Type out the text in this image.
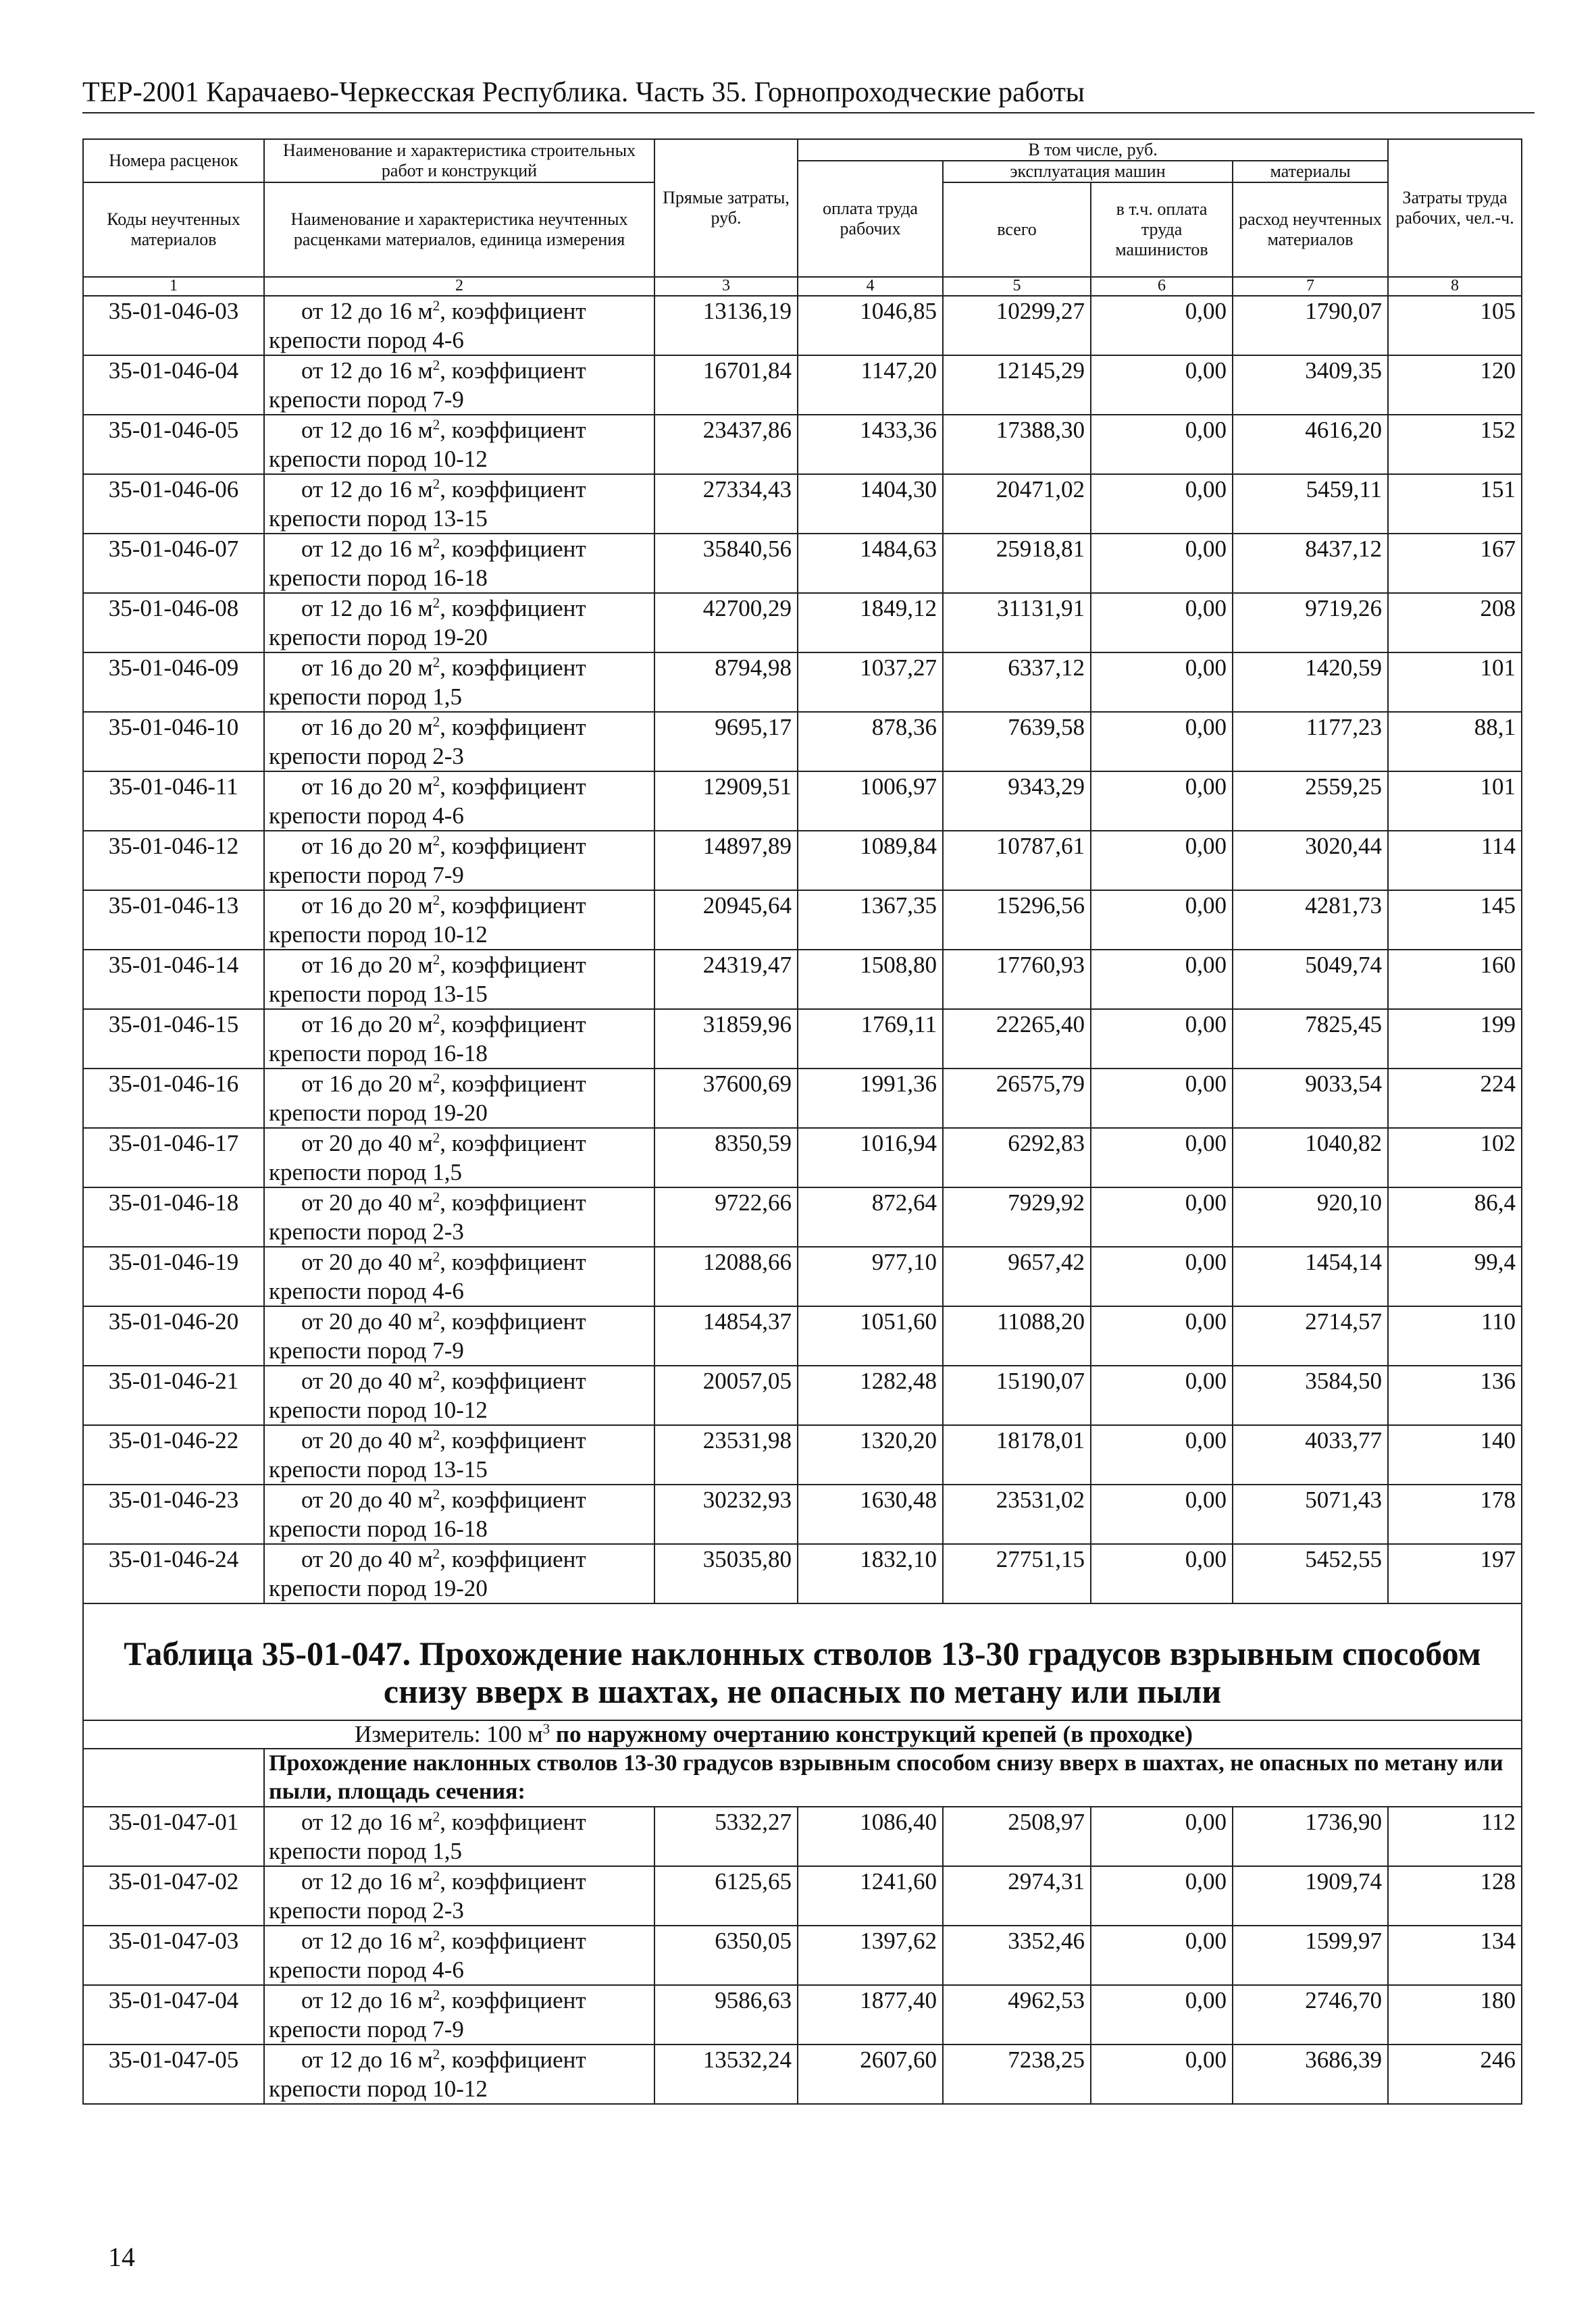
ТЕР-2001 Карачаево-Черкесская Республика. Часть 35. Горнопроходческие работы
Номера расценок	Наименование и характеристика строительных работ и конструкций	Прямые затраты, руб.	В том числе, руб.				Затраты труда рабочих, чел.-ч.
			оплата труда рабочих	эксплуатация машин		материалы	
Коды неучтенных материалов	Наименование и характеристика неучтенных расценками материалов, единица измерения			всего	в т.ч. оплата труда машинистов	расход неучтенных материалов	

1	2	3	4	5	6	7	8
35-01-046-03	от 12 до 16 $м^2$, коэффициент
крепости пород 4-6	13136,19	1046,85	10299,27	0,00	1790,07	105
35-01-046-04	от 12 до 16 $м^2$, коэффициент
крепости пород 7-9	16701,84	1147,20	12145,29	0,00	3409,35	120
35-01-046-05	от 12 до 16 $м^2$, коэффициент
крепости пород 10-12	23437,86	1433,36	17388,30	0,00	4616,20	152
35-01-046-06	от 12 до 16 $м^2$, коэффициент
крепости пород 13-15	27334,43	1404,30	20471,02	0,00	5459,11	151
35-01-046-07	от 12 до 16 $м^2$, коэффициент
крепости пород 16-18	35840,56	1484,63	25918,81	0,00	8437,12	167
35-01-046-08	от 12 до 16 $м^2$, коэффициент
крепости пород 19-20	42700,29	1849,12	31131,91	0,00	9719,26	208
35-01-046-09	от 16 до 20 $м^2$, коэффициент
крепости пород 1,5	8794,98	1037,27	6337,12	0,00	1420,59	101
35-01-046-10	от 16 до 20 $м^2$, коэффициент
крепости пород 2-3	9695,17	878,36	7639,58	0,00	1177,23	88,1
35-01-046-11	от 16 до 20 $м^2$, коэффициент
крепости пород 4-6	12909,51	1006,97	9343,29	0,00	2559,25	101
35-01-046-12	от 16 до 20 $м^2$, коэффициент
крепости пород 7-9	14897,89	1089,84	10787,61	0,00	3020,44	114
35-01-046-13	от 16 до 20 $м^2$, коэффициент
крепости пород 10-12	20945,64	1367,35	15296,56	0,00	4281,73	145
35-01-046-14	от 16 до 20 $м^2$, коэффициент
крепости пород 13-15	24319,47	1508,80	17760,93	0,00	5049,74	160
35-01-046-15	от 16 до 20 $м^2$, коэффициент
крепости пород 16-18	31859,96	1769,11	22265,40	0,00	7825,45	199
35-01-046-16	от 16 до 20 $м^2$, коэффициент
крепости пород 19-20	37600,69	1991,36	26575,79	0,00	9033,54	224
35-01-046-17	от 20 до 40 $м^2$, коэффициент
крепости пород 1,5	8350,59	1016,94	6292,83	0,00	1040,82	102
35-01-046-18	от 20 до 40 $м^2$, коэффициент
крепости пород 2-3	9722,66	872,64	7929,92	0,00	920,10	86,4
35-01-046-19	от 20 до 40 $м^2$, коэффициент
крепости пород 4-6	12088,66	977,10	9657,42	0,00	1454,14	99,4
35-01-046-20	от 20 до 40 $м^2$, коэффициент
крепости пород 7-9	14854,37	1051,60	11088,20	0,00	2714,57	110
35-01-046-21	от 20 до 40 $м^2$, коэффициент
крепости пород 10-12	20057,05	1282,48	15190,07	0,00	3584,50	136
35-01-046-22	от 20 до 40 $м^2$, коэффициент
крепости пород 13-15	23531,98	1320,20	18178,01	0,00	4033,77	140
35-01-046-23	от 20 до 40 $м^2$, коэффициент
крепости пород 16-18	30232,93	1630,48	23531,02	0,00	5071,43	178
35-01-046-24	от 20 до 40 $м^2$, коэффициент
крепости пород 19-20	35035,80	1832,10	27751,15	0,00	5452,55	197
Таблица 35-01-047. Прохождение наклонных стволов 13-30 градусов взрывным способом снизу вверх в шахтах, не опасных по метану или пыли							

Измеритель: 100 $м^3$ по наружному очертанию конструкций крепей (в проходке)							

	Прохождение наклонных стволов 13-30 градусов взрывным способом снизу вверх в шахтах, не опасных по метану или пыли, площадь сечения:						
35-01-047-01	от 12 до 16 $м^2$, коэффициент
крепости пород 1,5	5332,27	1086,40	2508,97	0,00	1736,90	112
35-01-047-02	от 12 до 16 $м^2$, коэффициент
крепости пород 2-3	6125,65	1241,60	2974,31	0,00	1909,74	128
35-01-047-03	от 12 до 16 $м^2$, коэффициент
крепости пород 4-6	6350,05	1397,62	3352,46	0,00	1599,97	134
35-01-047-04	от 12 до 16 $м^2$, коэффициент
крепости пород 7-9	9586,63	1877,40	4962,53	0,00	2746,70	180
35-01-047-05	от 12 до 16 $м^2$, коэффициент
крепости пород 10-12	13532,24	2607,60	7238,25	0,00	3686,39	246
14
